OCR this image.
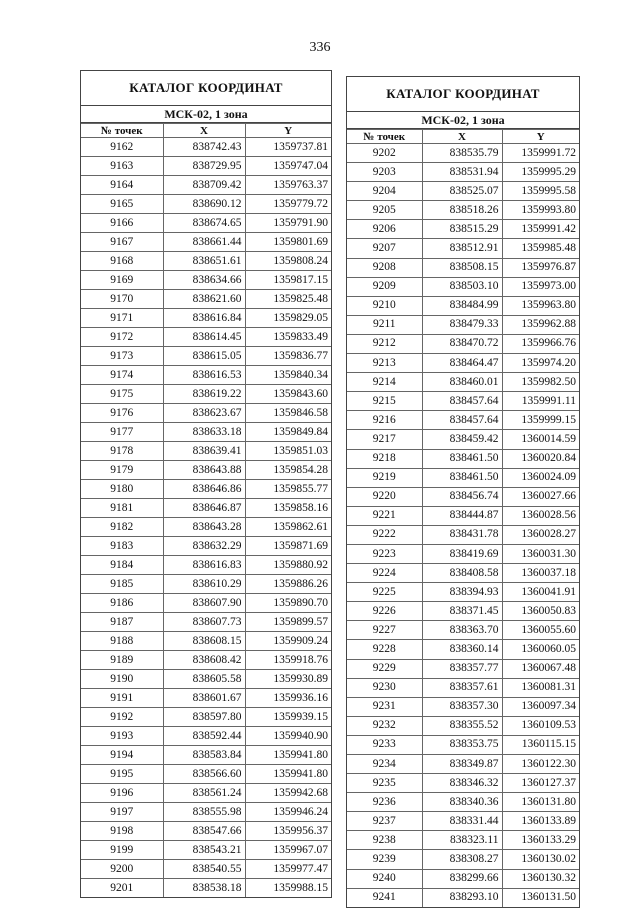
336
КАТАЛОГ КООРДИНАТ
МСК-02, 1 зона
№ точек	X	Y
9162	838742.43	1359737.81
9163	838729.95	1359747.04
9164	838709.42	1359763.37
9165	838690.12	1359779.72
9166	838674.65	1359791.90
9167	838661.44	1359801.69
9168	838651.61	1359808.24
9169	838634.66	1359817.15
9170	838621.60	1359825.48
9171	838616.84	1359829.05
9172	838614.45	1359833.49
9173	838615.05	1359836.77
9174	838616.53	1359840.34
9175	838619.22	1359843.60
9176	838623.67	1359846.58
9177	838633.18	1359849.84
9178	838639.41	1359851.03
9179	838643.88	1359854.28
9180	838646.86	1359855.77
9181	838646.87	1359858.16
9182	838643.28	1359862.61
9183	838632.29	1359871.69
9184	838616.83	1359880.92
9185	838610.29	1359886.26
9186	838607.90	1359890.70
9187	838607.73	1359899.57
9188	838608.15	1359909.24
9189	838608.42	1359918.76
9190	838605.58	1359930.89
9191	838601.67	1359936.16
9192	838597.80	1359939.15
9193	838592.44	1359940.90
9194	838583.84	1359941.80
9195	838566.60	1359941.80
9196	838561.24	1359942.68
9197	838555.98	1359946.24
9198	838547.66	1359956.37
9199	838543.21	1359967.07
9200	838540.55	1359977.47
9201	838538.18	1359988.15
КАТАЛОГ КООРДИНАТ
МСК-02, 1 зона
№ точек	X	Y
9202	838535.79	1359991.72
9203	838531.94	1359995.29
9204	838525.07	1359995.58
9205	838518.26	1359993.80
9206	838515.29	1359991.42
9207	838512.91	1359985.48
9208	838508.15	1359976.87
9209	838503.10	1359973.00
9210	838484.99	1359963.80
9211	838479.33	1359962.88
9212	838470.72	1359966.76
9213	838464.47	1359974.20
9214	838460.01	1359982.50
9215	838457.64	1359991.11
9216	838457.64	1359999.15
9217	838459.42	1360014.59
9218	838461.50	1360020.84
9219	838461.50	1360024.09
9220	838456.74	1360027.66
9221	838444.87	1360028.56
9222	838431.78	1360028.27
9223	838419.69	1360031.30
9224	838408.58	1360037.18
9225	838394.93	1360041.91
9226	838371.45	1360050.83
9227	838363.70	1360055.60
9228	838360.14	1360060.05
9229	838357.77	1360067.48
9230	838357.61	1360081.31
9231	838357.30	1360097.34
9232	838355.52	1360109.53
9233	838353.75	1360115.15
9234	838349.87	1360122.30
9235	838346.32	1360127.37
9236	838340.36	1360131.80
9237	838331.44	1360133.89
9238	838323.11	1360133.29
9239	838308.27	1360130.02
9240	838299.66	1360130.32
9241	838293.10	1360131.50
